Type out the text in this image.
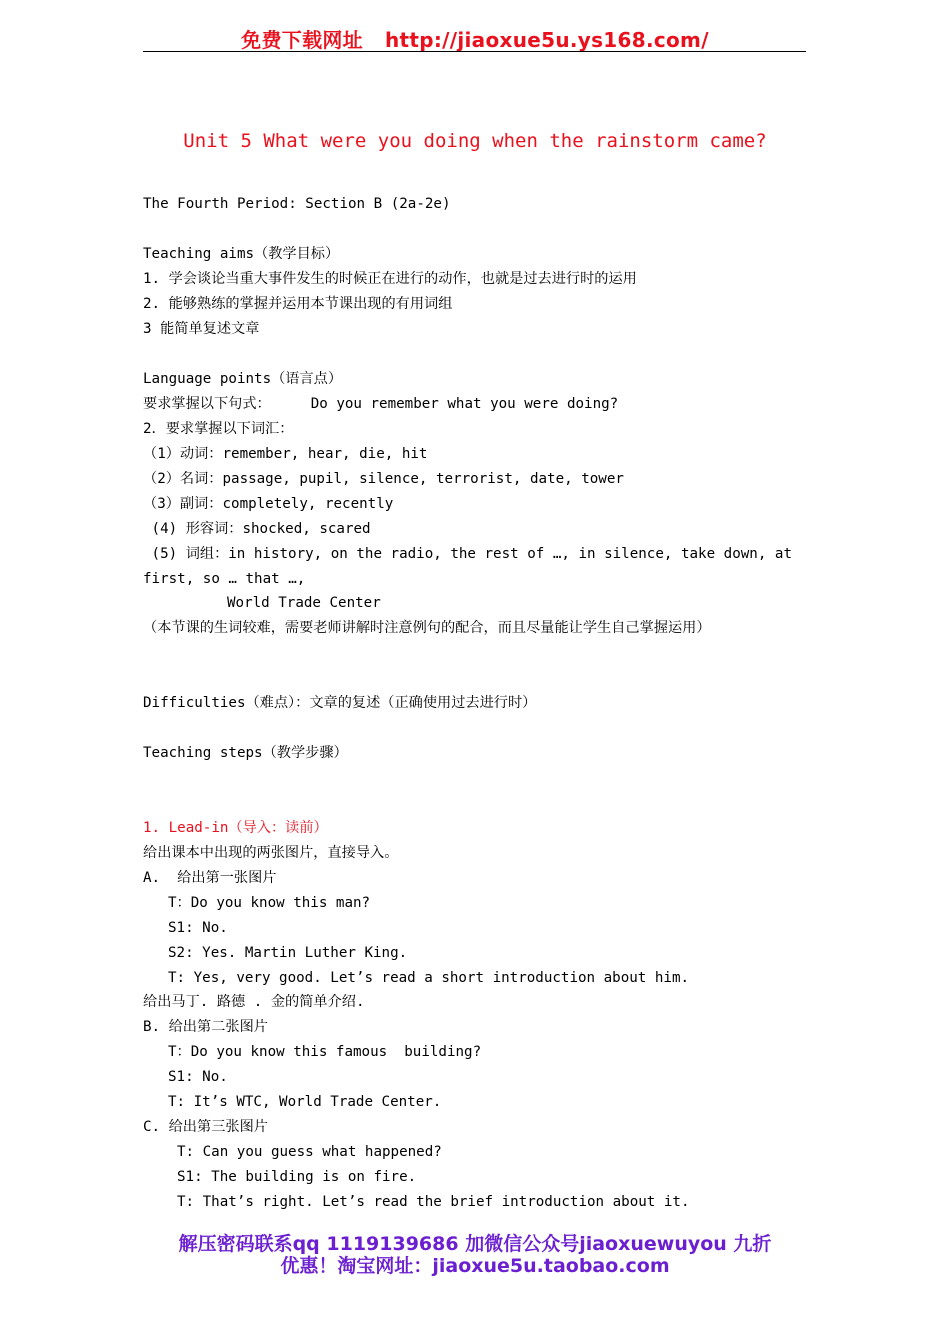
免费下载网址 http://jiaoxue5u.ys168.com/
Unit 5 What were you doing when the rainstorm came?
The Fourth Period: Section B (2a-2e)
Teaching aims（教学目标）
1. 学会谈论当重大事件发生的时候正在进行的动作，也就是过去进行时的运用
2. 能够熟练的掌握并运用本节课出现的有用词组
3 能简单复述文章
Language points（语言点）
要求掌握以下句式：	Do you remember what you were doing?
2．要求掌握以下词汇：
（1）动词：remember, hear, die, hit
（2）名词：passage, pupil, silence, terrorist, date, tower
（3）副词：completely, recently
(4) 形容词：shocked, scared
(5) 词组：in history, on the radio, the rest of …, in silence, take down, at
first, so … that …,
World Trade Center
（本节课的生词较难，需要老师讲解时注意例句的配合，而且尽量能让学生自己掌握运用）
Difficulties（难点）：文章的复述（正确使用过去进行时）
Teaching steps（教学步骤）
1. Lead-in（导入：读前）
给出课本中出现的两张图片，直接导入。
A.  给出第一张图片
T：Do you know this man?
S1: No.
S2: Yes. Martin Luther King.
T: Yes, very good. Let’s read a short introduction about him.
给出马丁. 路德 . 金的简单介绍.
B. 给出第二张图片
T：Do you know this famous  building?
S1: No.
T: It’s WTC, World Trade Center.
C. 给出第三张图片
T: Can you guess what happened?
S1: The building is on fire.
T: That’s right. Let’s read the brief introduction about it.
解压密码联系qq 1119139686 加微信公众号jiaoxuewuyou 九折
优惠！淘宝网址：jiaoxue5u.taobao.com
